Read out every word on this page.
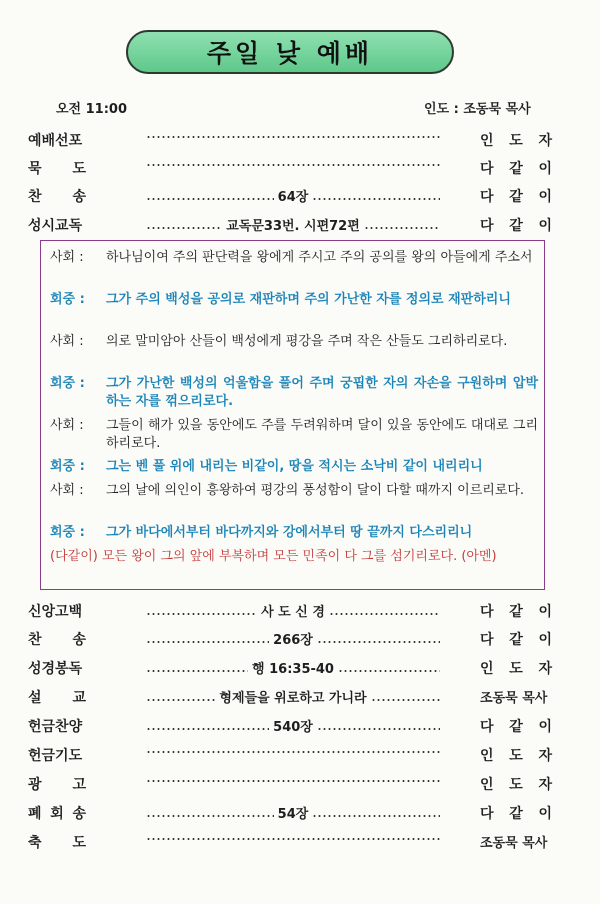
주일 낮 예배
오전 11:00	인도 : 조동묵 목사
예배선포	인 도 자
묵 도	다 같 이
찬 송	64장	다 같 이
성시교독	교독문33번. 시편72편	다 같 이
사회 :	하나님이여 주의 판단력을 왕에게 주시고 주의 공의를 왕의 아들에게 주소서
회중 :	그가 주의 백성을 공의로 재판하며 주의 가난한 자를 정의로 재판하리니
사회 :	의로 말미암아 산들이 백성에게 평강을 주며 작은 산들도 그리하리로다.
회중 :	그가 가난한 백성의 억울함을 풀어 주며 궁핍한 자의 자손을 구원하며 압박하는 자를 꺾으리로다.
사회 :	그들이 해가 있을 동안에도 주를 두려워하며 달이 있을 동안에도 대대로 그리하리로다.
회중 :	그는 벤 풀 위에 내리는 비같이, 땅을 적시는 소낙비 같이 내리리니
사회 :	그의 날에 의인이 흥왕하여 평강의 풍성함이 달이 다할 때까지 이르리로다.
회중 :	그가 바다에서부터 바다까지와 강에서부터 땅 끝까지 다스리리니
(다같이) 모든 왕이 그의 앞에 부복하며 모든 민족이 다 그를 섬기리로다. (아멘)
신앙고백	사 도 신 경	다 같 이
찬 송	266장	다 같 이
성경봉독	행 16:35-40	인 도 자
설 교	형제들을 위로하고 가니라	조동묵 목사
헌금찬양	540장	다 같 이
헌금기도	인 도 자
광 고	인 도 자
폐 회 송	54장	다 같 이
축 도	조동묵 목사
